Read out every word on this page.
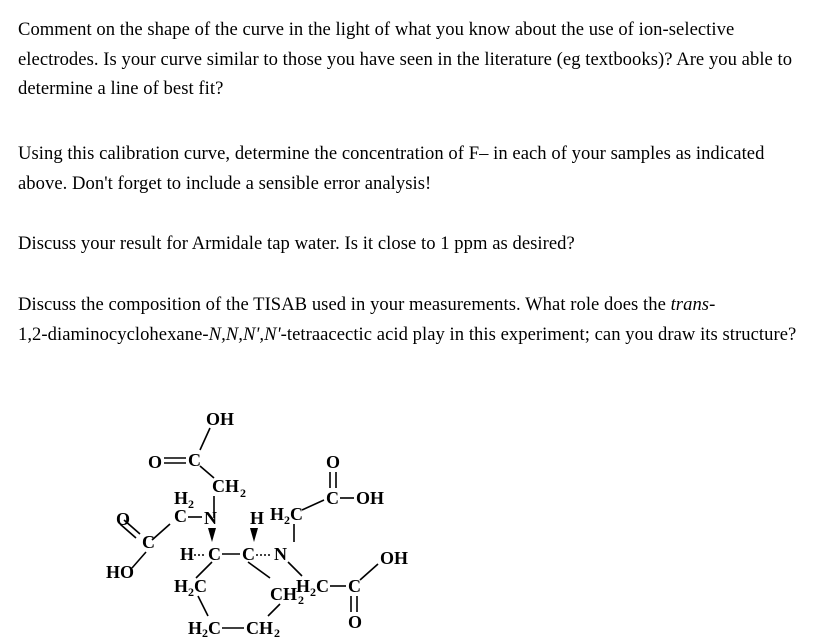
Comment on the shape of the curve in the light of what you know about the use of ion-selective electrodes. Is your curve similar to those you have seen in the literature (eg textbooks)? Are you able to determine a line of best fit?

Using this calibration curve, determine the concentration of F– in each of your samples as indicated above. Don't forget to include a sensible error analysis!

Discuss your result for Armidale tap water. Is it close to 1 ppm as desired?

Discuss the composition of the TISAB used in your measurements. What role does the trans-
1,2-diaminocyclohexane-N,N,N',N'-tetraacectic acid play in this experiment; can you draw its structure?

OH
O C
CH 2
O
C
HO
H 2
C N H H 2 C
C OH
O
H C C N
H 2 C C
OH
O
H 2 C	CH 2
H 2 C CH 2
